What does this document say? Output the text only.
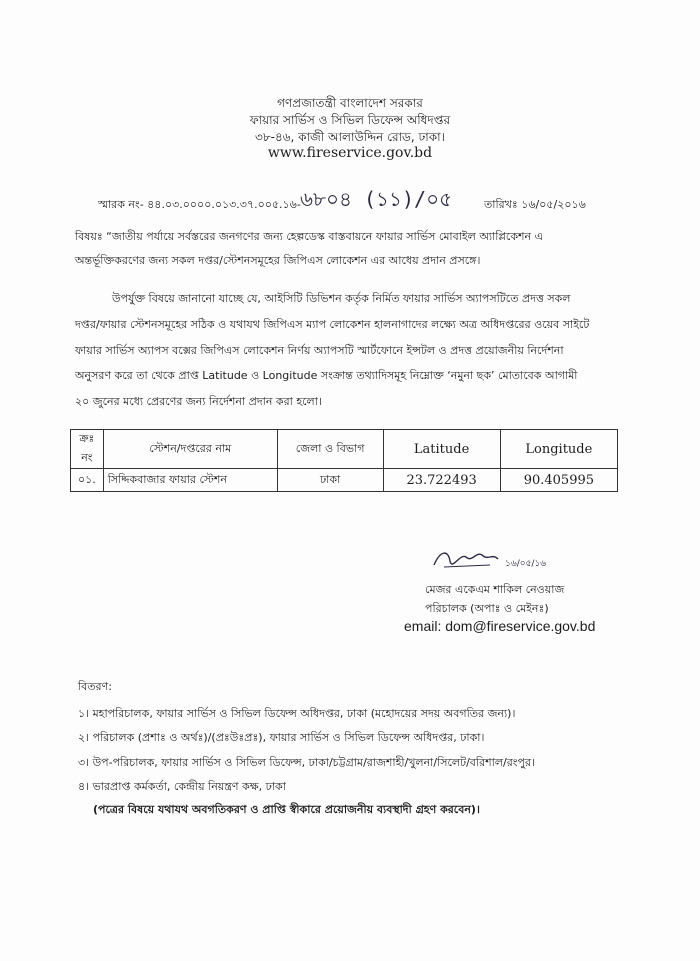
গণপ্রজাতন্ত্রী বাংলাদেশ সরকার
ফায়ার সার্ভিস ও সিভিল ডিফেন্স অধিদপ্তর
৩৮-৪৬, কাজী আলাউদ্দিন রোড, ঢাকা।
www.fireservice.gov.bd
স্মারক নং- ৪৪.০৩.০০০০.০১৩.৩৭.০০৫.১৬- ৬৮০৪ (১১)/০৫	তারিখঃ ১৬/০৫/২০১৬
বিষয়ঃ “জাতীয় পর্যায়ে সর্বস্তরের জনগণের জন্য হেল্পডেস্ক বাস্তবায়নে ফায়ার সার্ভিস মোবাইল অ্যাপ্লিকেশন এ
অন্তর্ভূক্তিকরণের জন্য সকল দপ্তর/স্টেশনসমূহের জিপিএস লোকেশন এর আধেয় প্রদান প্রসঙ্গে।
উপর্যুক্ত বিষয়ে জানানো যাচ্ছে যে, আইসিটি ডিভিশন কর্তৃক নির্মিত ফায়ার সার্ভিস অ্যাপসটিতে প্রদত্ত সকল
দপ্তর/ফায়ার স্টেশনসমূহের সঠিক ও যথাযথ জিপিএস ম্যাপ লোকেশন হালনাগাদের লক্ষ্যে অত্র অধিদপ্তরের ওয়েব সাইটে
ফায়ার সার্ভিস অ্যাপস বক্সের জিপিএস লোকেশন নির্ণয় অ্যাপসটি স্মার্টফোনে ইন্সটল ও প্রদত্ত প্রয়োজনীয় নির্দেশনা
অনুসরণ করে তা থেকে প্রাপ্ত Latitude ও Longitude সংক্রান্ত তথ্যাদিসমূহ নিম্নোক্ত ‘নমুনা ছক’ মোতাবেক আগামী
২০ জুনের মধ্যে প্রেরণের জন্য নির্দেশনা প্রদান করা হলো।
ক্রঃ নং	স্টেশন/দপ্তরের নাম	জেলা ও বিভাগ	Latitude	Longitude
০১.	সিদ্দিকবাজার ফায়ার স্টেশন	ঢাকা	23.722493	90.405995
১৬/০৫/১৬
মেজর একেএম শাকিল নেওয়াজ
পরিচালক (অপাঃ ও মেইনঃ)
email: dom@fireservice.gov.bd
বিতরণ:
১। মহাপরিচালক, ফায়ার সার্ভিস ও সিভিল ডিফেন্স অধিদপ্তর, ঢাকা (মহোদয়ের সদয় অবগতির জন্য)।
২। পরিচালক (প্রশাঃ ও অর্থঃ)/(প্রঃউঃপ্রঃ), ফায়ার সার্ভিস ও সিভিল ডিফেন্স অধিদপ্তর, ঢাকা।
৩। উপ-পরিচালক, ফায়ার সার্ভিস ও সিভিল ডিফেন্স, ঢাকা/চট্টগ্রাম/রাজশাহী/খুলনা/সিলেট/বরিশাল/রংপুর।
৪। ভারপ্রাপ্ত কর্মকর্তা, কেন্দ্রীয় নিয়ন্ত্রণ কক্ষ, ঢাকা
(পত্রের বিষয়ে যথাযথ অবগতিকরণ ও প্রাপ্তি স্বীকারে প্রয়োজনীয় ব্যবস্থাদী গ্রহণ করবেন)।
